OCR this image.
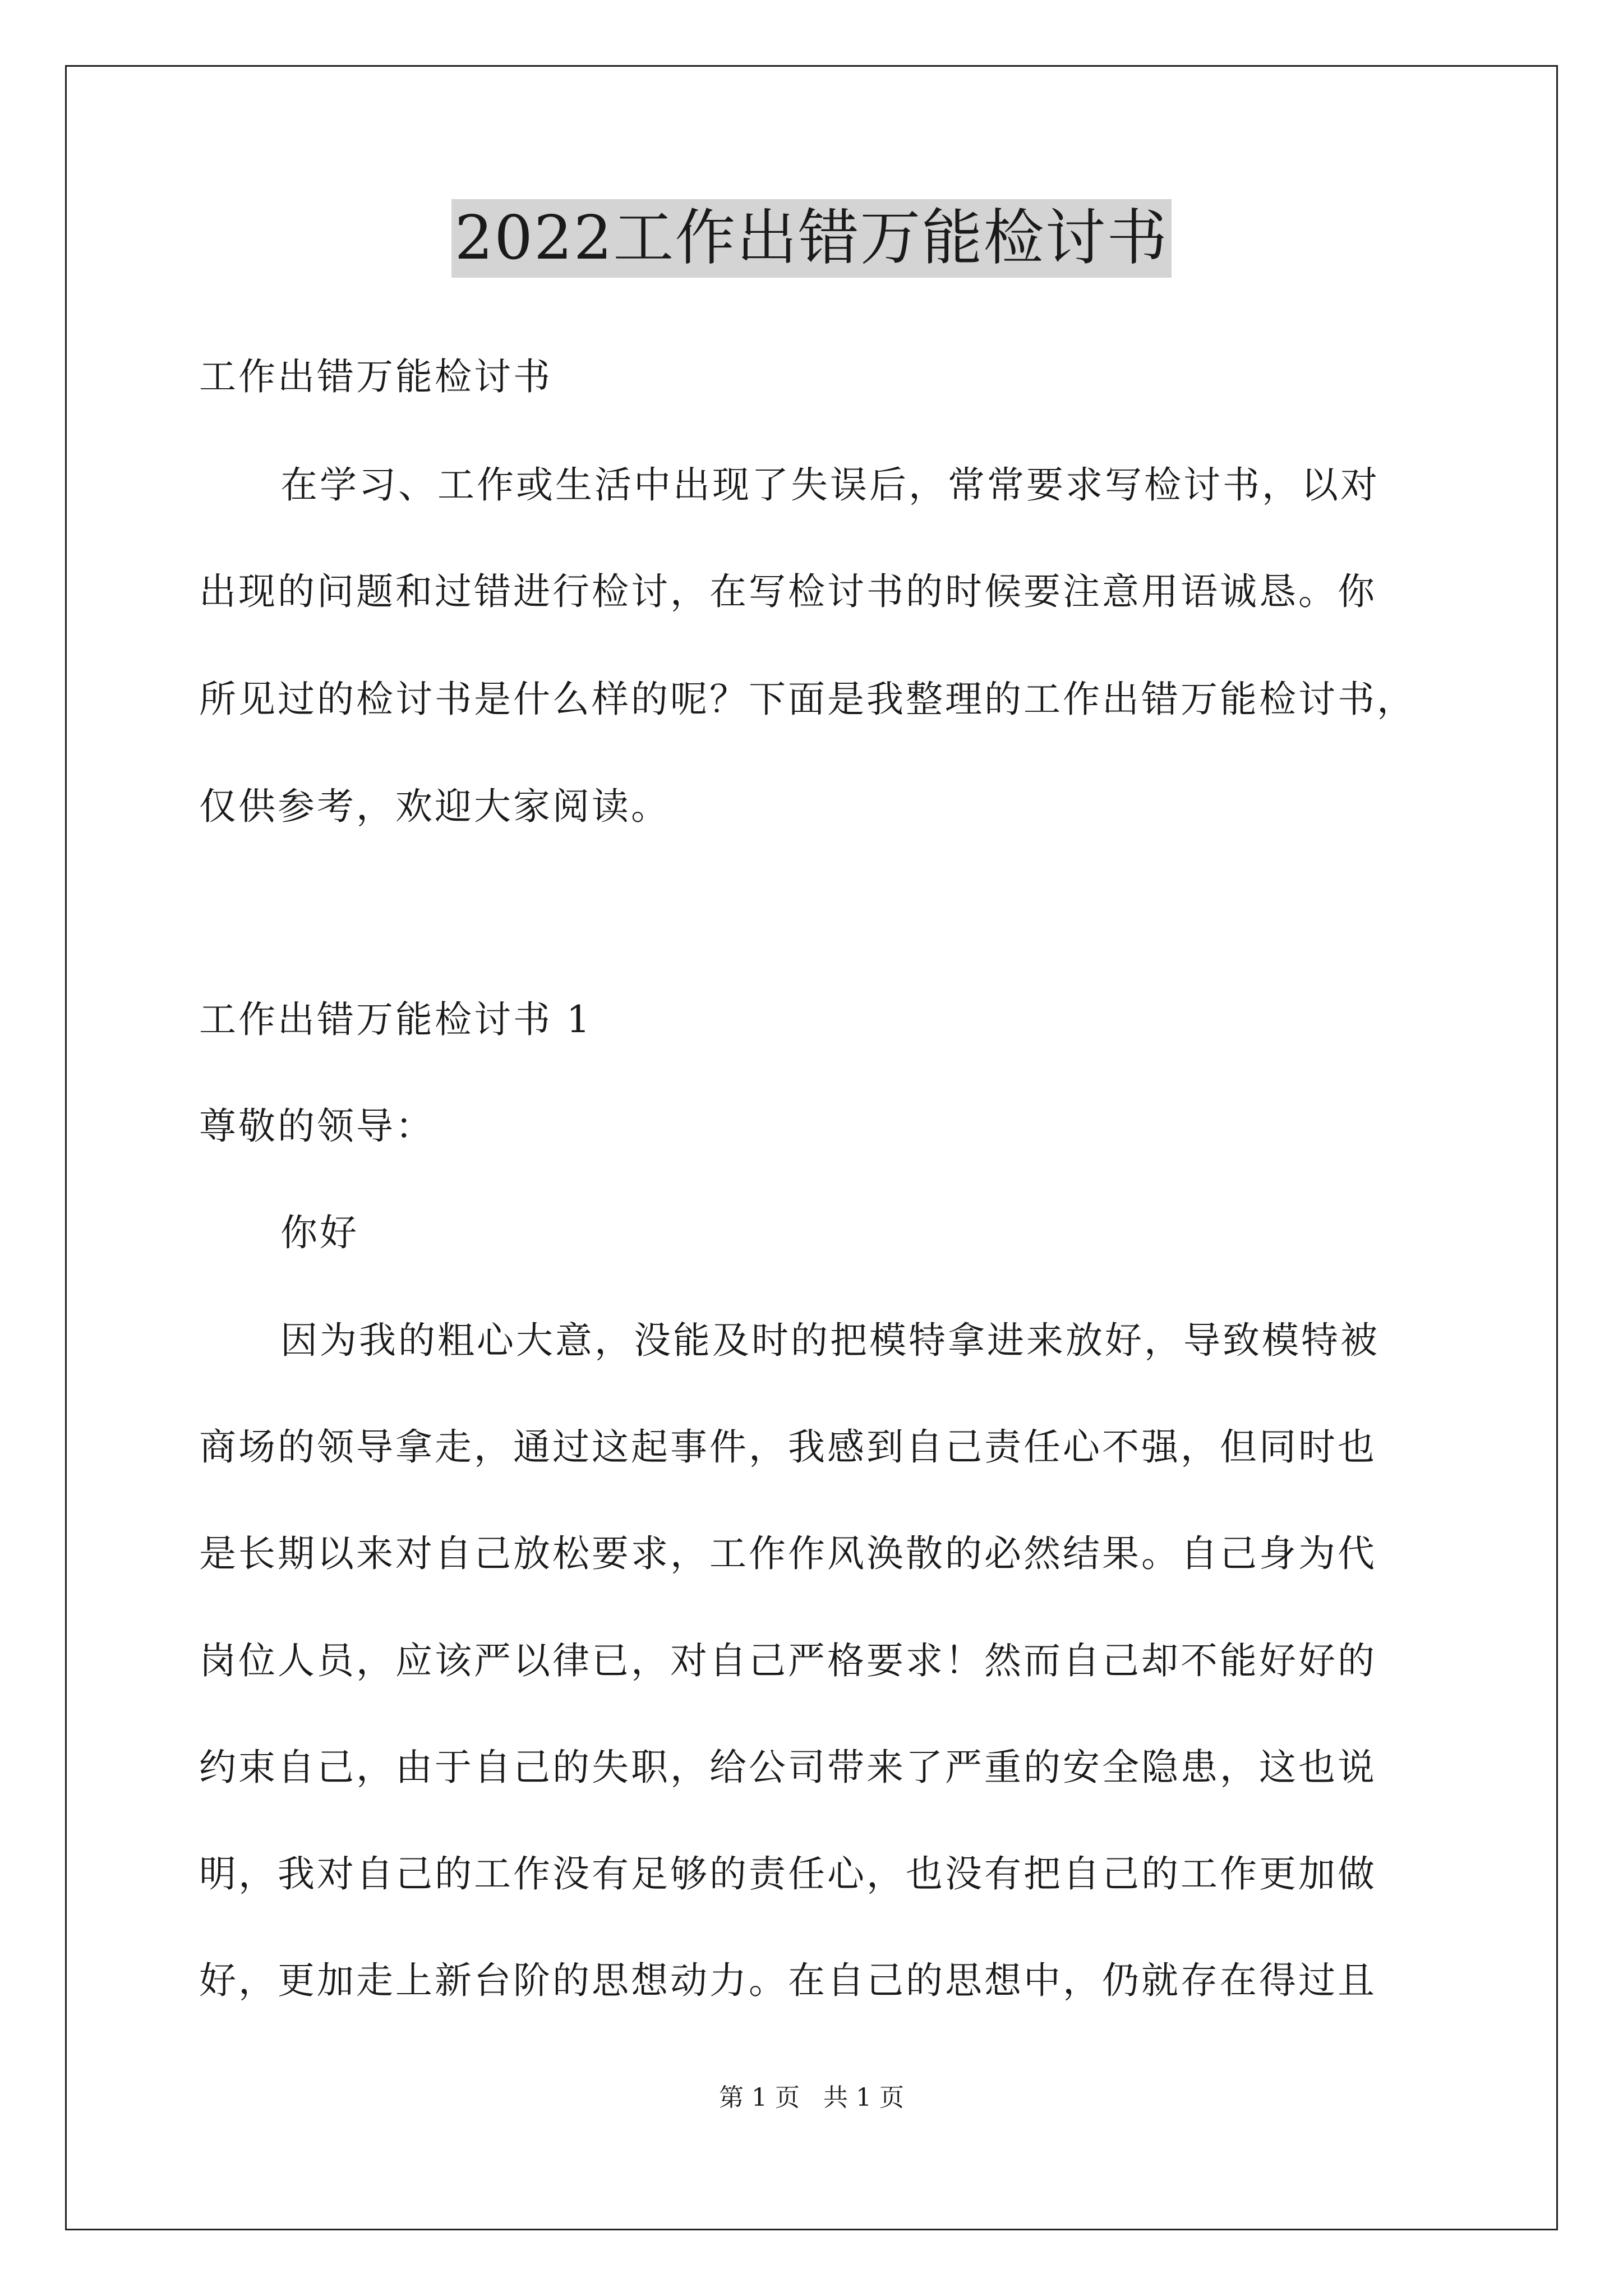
2022工作出错万能检讨书
工作出错万能检讨书
在学习、工作或生活中出现了失误后，常常要求写检讨书，以对
出现的问题和过错进行检讨，在写检讨书的时候要注意用语诚恳。你
所见过的检讨书是什么样的呢？下面是我整理的工作出错万能检讨书，
仅供参考，欢迎大家阅读。
工作出错万能检讨书 1
尊敬的领导：
你好
因为我的粗心大意，没能及时的把模特拿进来放好，导致模特被
商场的领导拿走，通过这起事件，我感到自己责任心不强，但同时也
是长期以来对自己放松要求，工作作风涣散的必然结果。自己身为代
岗位人员，应该严以律已，对自己严格要求！然而自己却不能好好的
约束自己，由于自己的失职，给公司带来了严重的安全隐患，这也说
明，我对自己的工作没有足够的责任心，也没有把自己的工作更加做
好，更加走上新台阶的思想动力。在自己的思想中，仍就存在得过且
第 1 页   共 1 页
